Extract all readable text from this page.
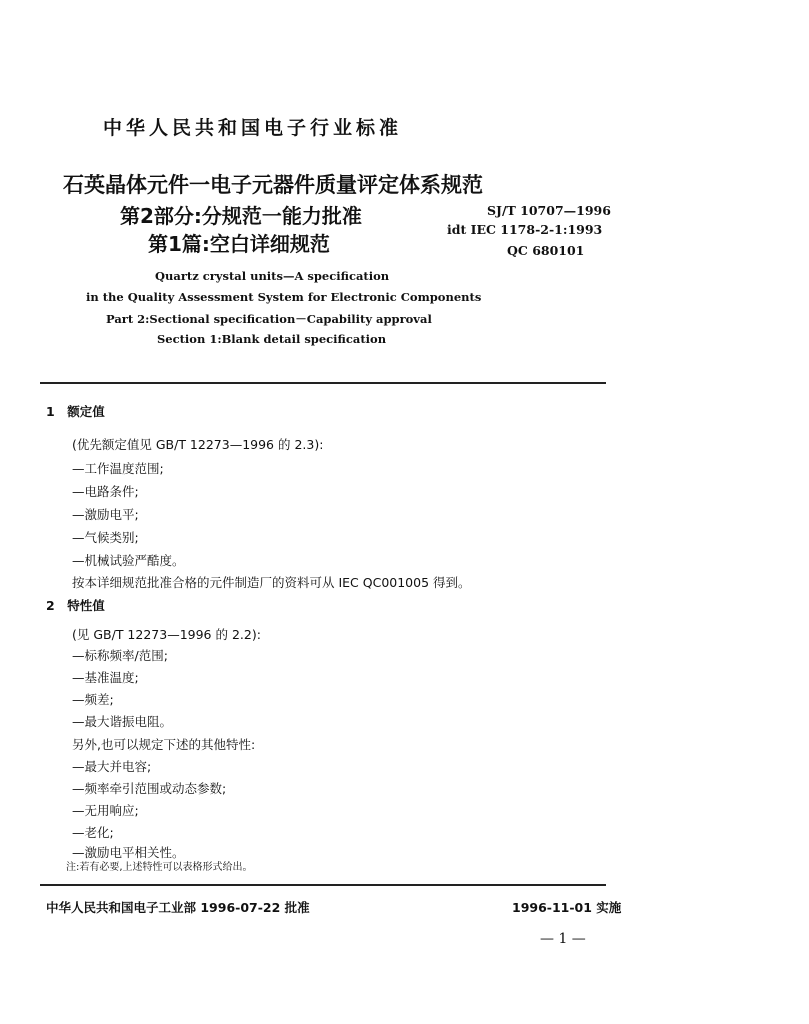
中华人民共和国电子行业标准
石英晶体元件一电子元器件质量评定体系规范
第2部分:分规范一能力批准
第1篇:空白详细规范
SJ/T 10707—1996
idt IEC 1178-2-1:1993
QC 680101
Quartz crystal units—A specification
in the Quality Assessment System for Electronic Components
Part 2:Sectional specification－Capability approval
Section 1:Blank detail specification
1　额定值
(优先额定值见 GB/T 12273—1996 的 2.3):
—工作温度范围;
—电路条件;
—激励电平;
—气候类别;
—机械试验严酷度。
按本详细规范批准合格的元件制造厂的资料可从 IEC QC001005 得到。
2　特性值
(见 GB/T 12273—1996 的 2.2):
—标称频率/范围;
—基准温度;
—频差;
—最大谐振电阻。
另外,也可以规定下述的其他特性:
—最大并电容;
—频率牵引范围或动态参数;
—无用响应;
—老化;
—激励电平相关性。
注:若有必要,上述特性可以表格形式给出。
中华人民共和国电子工业部 1996-07-22 批准	1996-11-01 实施
— 1 —
